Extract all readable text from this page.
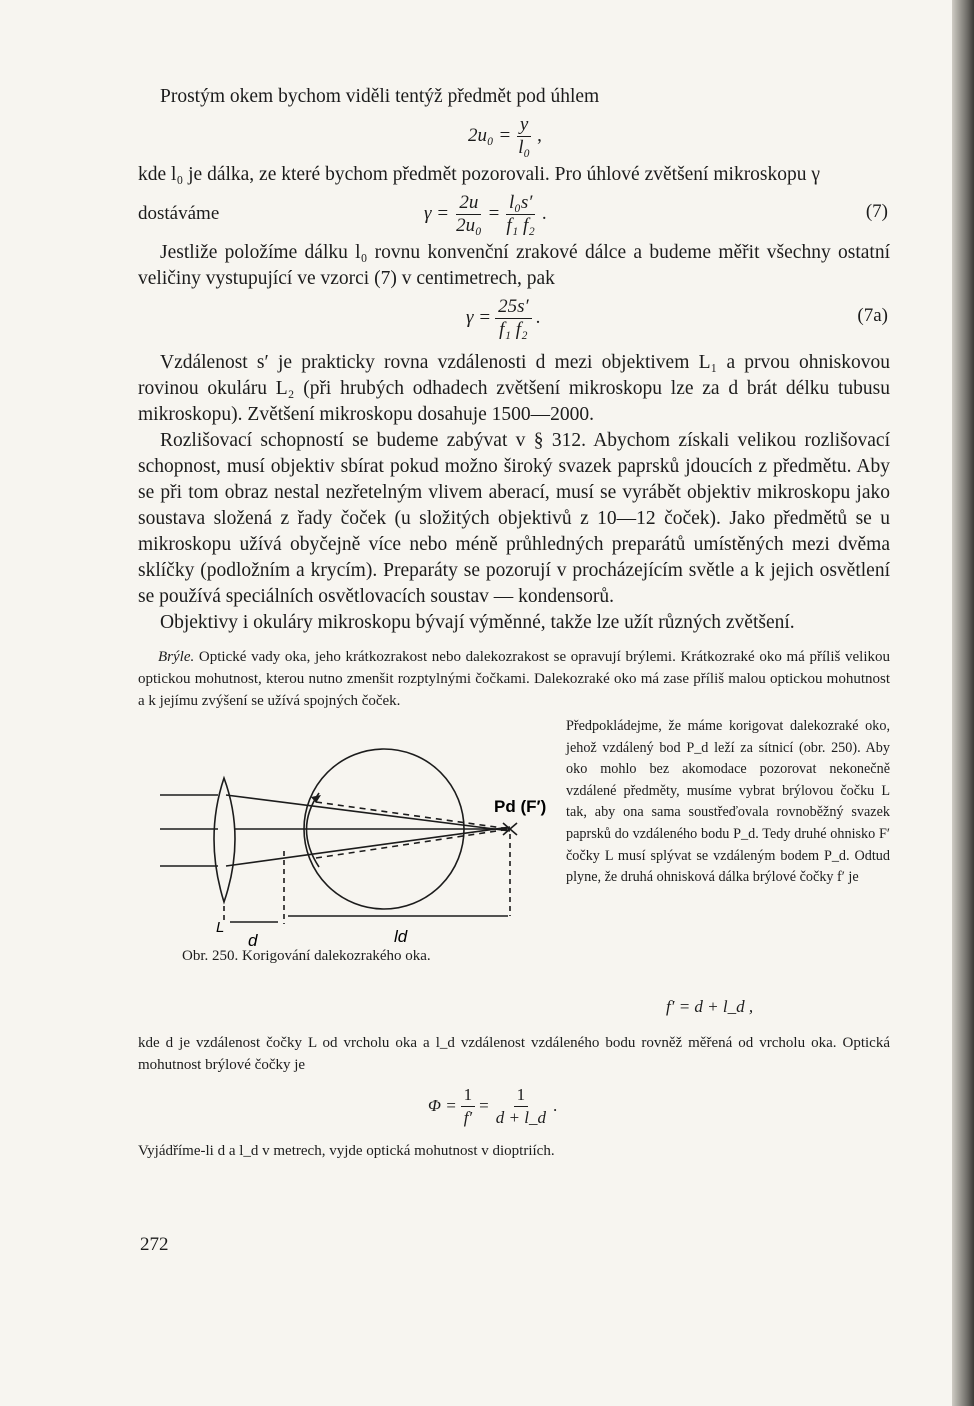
Prostým okem bychom viděli tentýž předmět pod úhlem

$2u_0 = \frac{y}{\text{l₀}}$ ,

kde l₀ je dálka, ze které bychom předmět pozorovali. Pro úhlové zvětšení mikroskopu γ

dostáváme	$\gamma = \frac{2u}{\text{2u₀}} = \frac{\text{l₀s′}}{\text{f₁ f₂}}$ .	(7)

Jestliže položíme dálku l₀ rovnu konvenční zrakové dálce a budeme měřit všechny ostatní veličiny vystupující ve vzorci (7) v centimetrech, pak

$\gamma = \frac{25s'}{\text{f₁ f₂}}$ .	(7a)

Vzdálenost s′ je prakticky rovna vzdálenosti d mezi objektivem L₁ a prvou ohniskovou rovinou okuláru L₂ (při hrubých odhadech zvětšení mikroskopu lze za d brát délku tubusu mikroskopu). Zvětšení mikroskopu dosahuje 1500—2000.

Rozlišovací schopností se budeme zabývat v § 312. Abychom získali velikou rozlišovací schopnost, musí objektiv sbírat pokud možno široký svazek paprsků jdoucích z předmětu. Aby se při tom obraz nestal nezřetelným vlivem aberací, musí se vyrábět objektiv mikroskopu jako soustava složená z řady čoček (u složitých objektivů z 10—12 čoček). Jako předmětů se u mikroskopu užívá obyčejně více nebo méně průhledných preparátů umístěných mezi dvěma sklíčky (podložním a krycím). Preparáty se pozorují v procházejícím světle a k jejich osvětlení se používá speciálních osvětlovacích soustav — kondensorů.

Objektivy i okuláry mikroskopu bývají výměnné, takže lze užít různých zvětšení.

Brýle. Optické vady oka, jeho krátkozrakost nebo dalekozrakost se opravují brýlemi. Krátkozraké oko má příliš velikou optickou mohutnost, kterou nutno zmenšit rozptylnými čočkami. Dalekozraké oko má zase příliš malou optickou mohutnost a k jejímu zvýšení se užívá spojných čoček.

Pd (F′)
L
d	ld
Obr. 250. Korigování dalekozrakého oka.
Předpokládejme, že máme korigovat dalekozraké oko, jehož vzdálený bod P_d leží za sítnicí (obr. 250). Aby oko mohlo bez akomodace pozorovat nekonečně vzdálené předměty, musíme vybrat brýlovou čočku L tak, aby ona sama soustřeďovala rovnoběžný svazek paprsků do vzdáleného bodu P_d. Tedy druhé ohnisko F′ čočky L musí splývat se vzdáleným bodem P_d. Odtud plyne, že druhá ohnisková dálka brýlové čočky f′ je
f′ = d + l_d ,

kde d je vzdálenost čočky L od vrcholu oka a l_d vzdálenost vzdáleného bodu rovněž měřená od vrcholu oka. Optická mohutnost brýlové čočky je

$\Phi = \frac{1}{f'} = \frac{1}{d + l\_d}$ .

Vyjádříme-li d a l_d v metrech, vyjde optická mohutnost v dioptriích.

272
